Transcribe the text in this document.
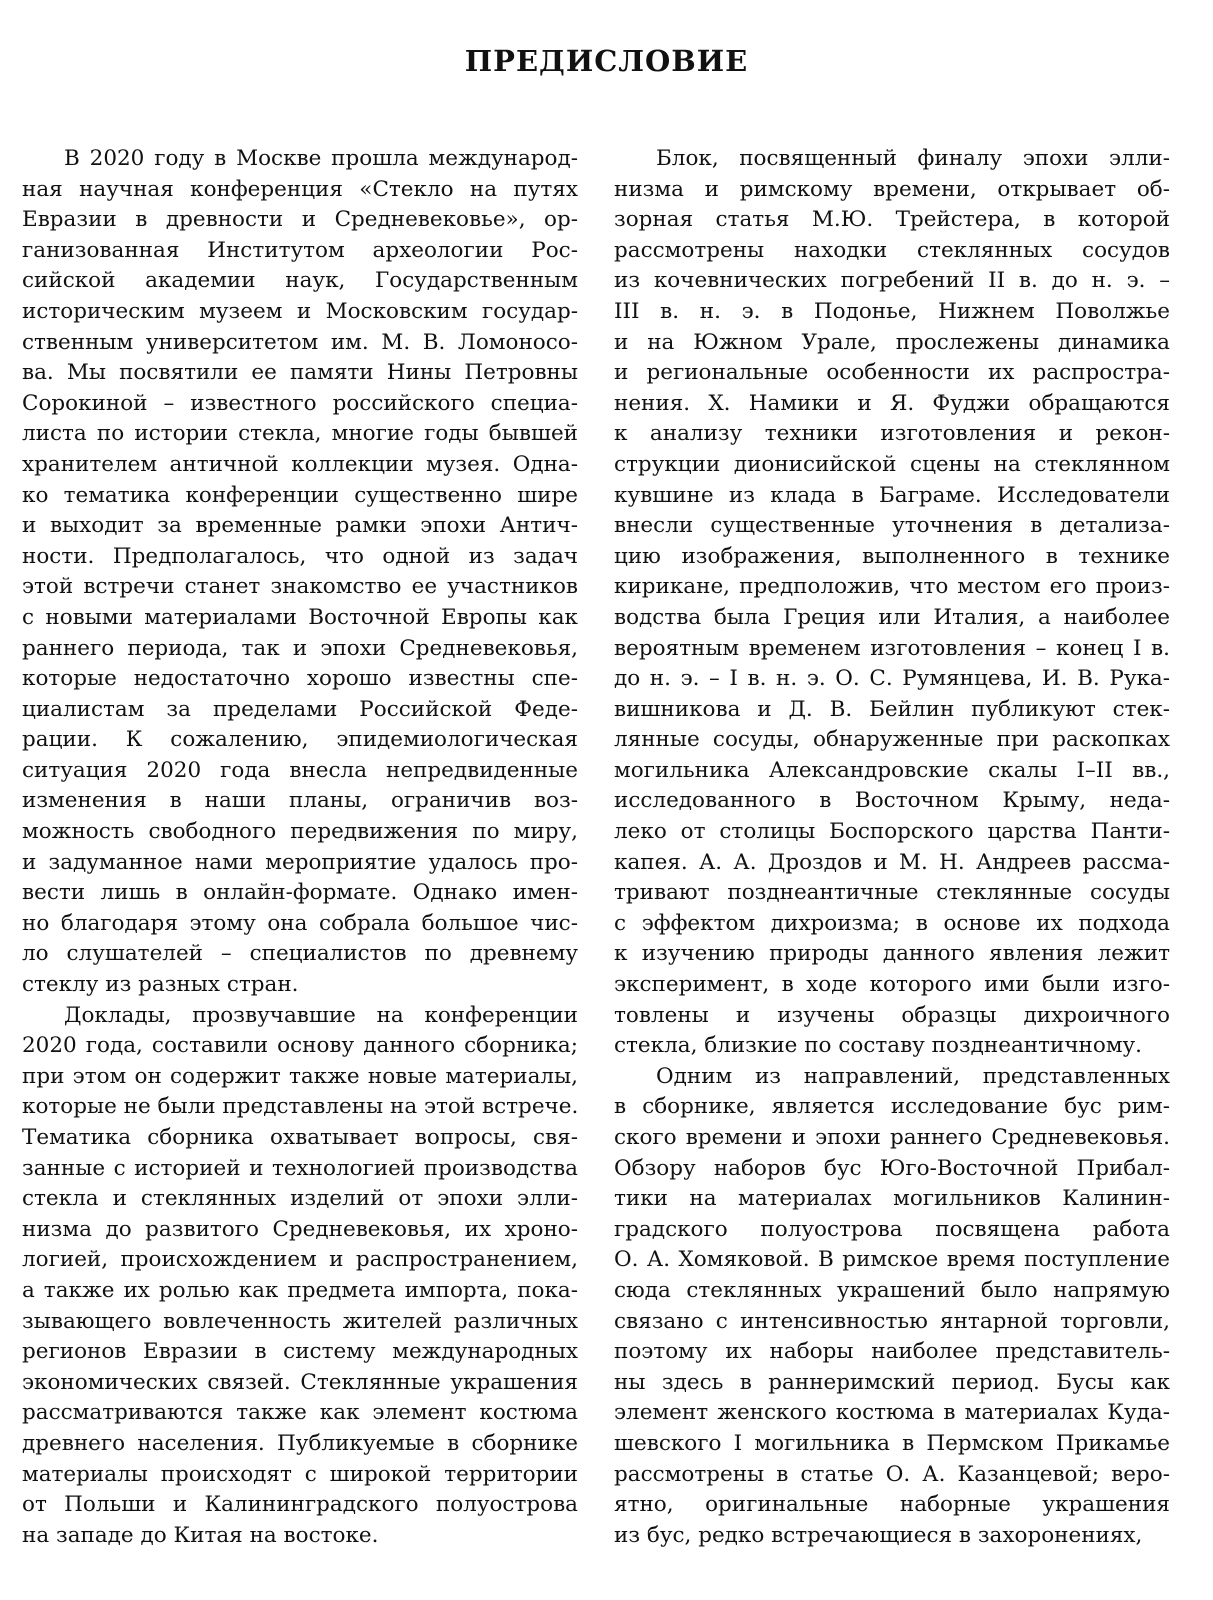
ПРЕДИСЛОВИЕ

В 2020 году в Москве прошла международ-
ная научная конференция «Стекло на путях
Евразии в древности и Средневековье», ор-
ганизованная Институтом археологии Рос-
сийской академии наук, Государственным
историческим музеем и Московским государ-
ственным университетом им. М. В. Ломоносо-
ва. Мы посвятили ее памяти Нины Петровны
Сорокиной – известного российского специа-
листа по истории стекла, многие годы бывшей
хранителем античной коллекции музея. Одна-
ко тематика конференции существенно шире
и выходит за временные рамки эпохи Антич-
ности. Предполагалось, что одной из задач
этой встречи станет знакомство ее участников
с новыми материалами Восточной Европы как
раннего периода, так и эпохи Средневековья,
которые недостаточно хорошо известны спе-
циалистам за пределами Российской Феде-
рации. К сожалению, эпидемиологическая
ситуация 2020 года внесла непредвиденные
изменения в наши планы, ограничив воз-
можность свободного передвижения по миру,
и задуманное нами мероприятие удалось про-
вести лишь в онлайн-формате. Однако имен-
но благодаря этому она собрала большое чис-
ло слушателей – специалистов по древнему
стеклу из разных стран.

Доклады, прозвучавшие на конференции
2020 года, составили основу данного сборника;
при этом он содержит также новые материалы,
которые не были представлены на этой встрече.
Тематика сборника охватывает вопросы, свя-
занные с историей и технологией производства
стекла и стеклянных изделий от эпохи элли-
низма до развитого Средневековья, их хроно-
логией, происхождением и распространением,
а также их ролью как предмета импорта, пока-
зывающего вовлеченность жителей различных
регионов Евразии в систему международных
экономических связей. Стеклянные украшения
рассматриваются также как элемент костюма
древнего населения. Публикуемые в сборнике
материалы происходят с широкой территории
от Польши и Калининградского полуострова
на западе до Китая на востоке.

Блок, посвященный финалу эпохи элли-
низма и римскому времени, открывает об-
зорная статья М.Ю. Трейстера, в которой
рассмотрены находки стеклянных сосудов
из кочевнических погребений II в. до н. э. –
III в. н. э. в Подонье, Нижнем Поволжье
и на Южном Урале, прослежены динамика
и региональные особенности их распростра-
нения. Х. Намики и Я. Фуджи обращаются
к анализу техники изготовления и рекон-
струкции дионисийской сцены на стеклянном
кувшине из клада в Баграме. Исследователи
внесли существенные уточнения в детализа-
цию изображения, выполненного в технике
кирикане, предположив, что местом его произ-
водства была Греция или Италия, а наиболее
вероятным временем изготовления – конец I в.
до н. э. – I в. н. э. О. С. Румянцева, И. В. Рука-
вишникова и Д. В. Бейлин публикуют стек-
лянные сосуды, обнаруженные при раскопках
могильника Александровские скалы I–II вв.,
исследованного в Восточном Крыму, неда-
леко от столицы Боспорского царства Панти-
капея. А. А. Дроздов и М. Н. Андреев рассма-
тривают позднеантичные стеклянные сосуды
с эффектом дихроизма; в основе их подхода
к изучению природы данного явления лежит
эксперимент, в ходе которого ими были изго-
товлены и изучены образцы дихроичного
стекла, близкие по составу позднеантичному.

Одним из направлений, представленных
в сборнике, является исследование бус рим-
ского времени и эпохи раннего Средневековья.
Обзору наборов бус Юго-Восточной Прибал-
тики на материалах могильников Калинин-
градского полуострова посвящена работа
О. А. Хомяковой. В римское время поступление
сюда стеклянных украшений было напрямую
связано с интенсивностью янтарной торговли,
поэтому их наборы наиболее представитель-
ны здесь в раннеримский период. Бусы как
элемент женского костюма в материалах Куда-
шевского I могильника в Пермском Прикамье
рассмотрены в статье О. А. Казанцевой; веро-
ятно, оригинальные наборные украшения
из бус, редко встречающиеся в захоронениях,
